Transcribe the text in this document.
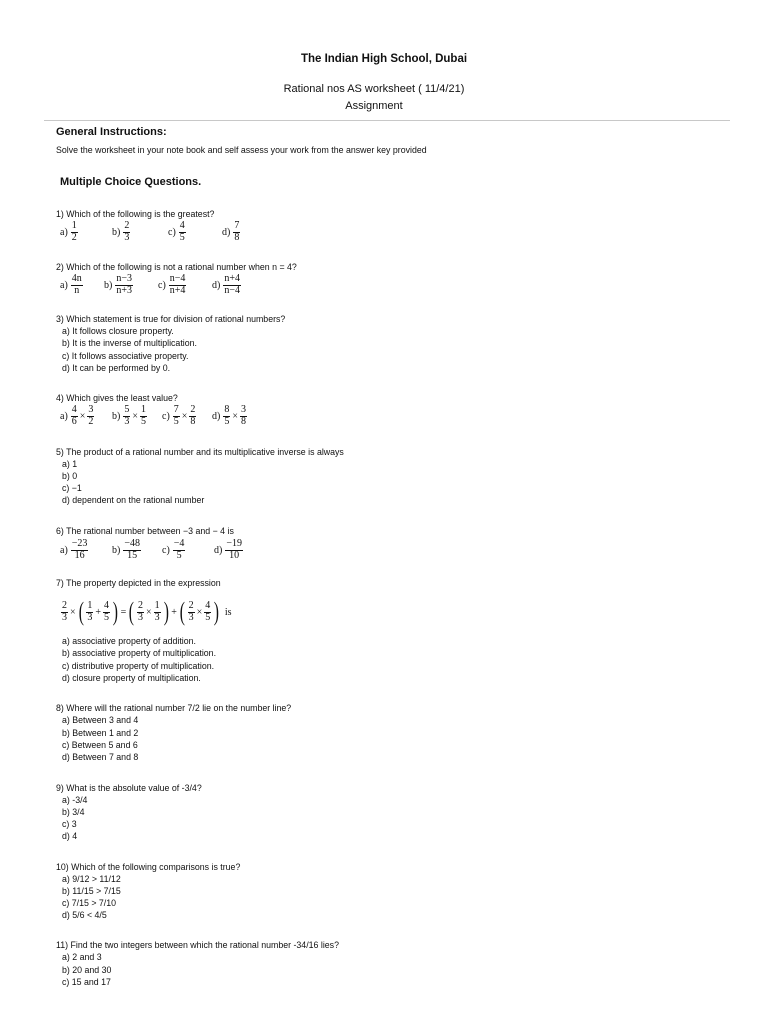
The Indian High School, Dubai
Rational nos AS worksheet ( 11/4/21)
Assignment
General Instructions:
Solve the worksheet in your note book and self assess your work from the answer key provided
Multiple Choice Questions.
1) Which of the following is the greatest?
$a) \frac{1}{2}$	$b) \frac{2}{3}$	$c) \frac{4}{5}$	$d) \frac{7}{8}$
2) Which of the following is not a rational number when n = 4?
$a) \frac{4n}{n} b) \frac{n-3}{n+3}$	$c) \frac{n-4}{n+4}$	$d) \frac{n+4}{n-4}$
3) Which statement is true for division of rational numbers?
a) It follows closure property.
b) It is the inverse of multiplication.
c) It follows associative property.
d) It can be performed by 0.
4) Which gives the least value?
$a) \frac{4}{6} \times \frac{3}{2} b) \frac{5}{3} \times \frac{1}{5} c) \frac{7}{5} \times \frac{2}{8} d) \frac{8}{5} \times \frac{3}{8}$
5) The product of a rational number and its multiplicative inverse is always
a) 1
b) 0
c) −1
d) dependent on the rational number
6) The rational number between −3 and − 4 is
$a) \frac{-23}{16} b) \frac{-48}{15} c) \frac{-4}{5}$	$d) \frac{-19}{10}$
7) The property depicted in the expression
$\frac{2}{3}$ × ( $\frac{1}{3} + \frac{4}{5}$ ) = ( $\frac{2}{3} \times \frac{1}{3}$ ) + ( $\frac{2}{3} \times \frac{4}{5}$ ) is
a) associative property of addition.
b) associative property of multiplication.
c) distributive property of multiplication.
d) closure property of multiplication.
8) Where will the rational number 7/2 lie on the number line?
a) Between 3 and 4
b) Between 1 and 2
c) Between 5 and 6
d) Between 7 and 8
9) What is the absolute value of -3/4?
a) -3/4
b) 3/4
c) 3
d) 4
10) Which of the following comparisons is true?
a) 9/12 > 11/12
b) 11/15 > 7/15
c) 7/15 > 7/10
d) 5/6 < 4/5
11) Find the two integers between which the rational number -34/16 lies?
a) 2 and 3
b) 20 and 30
c) 15 and 17
